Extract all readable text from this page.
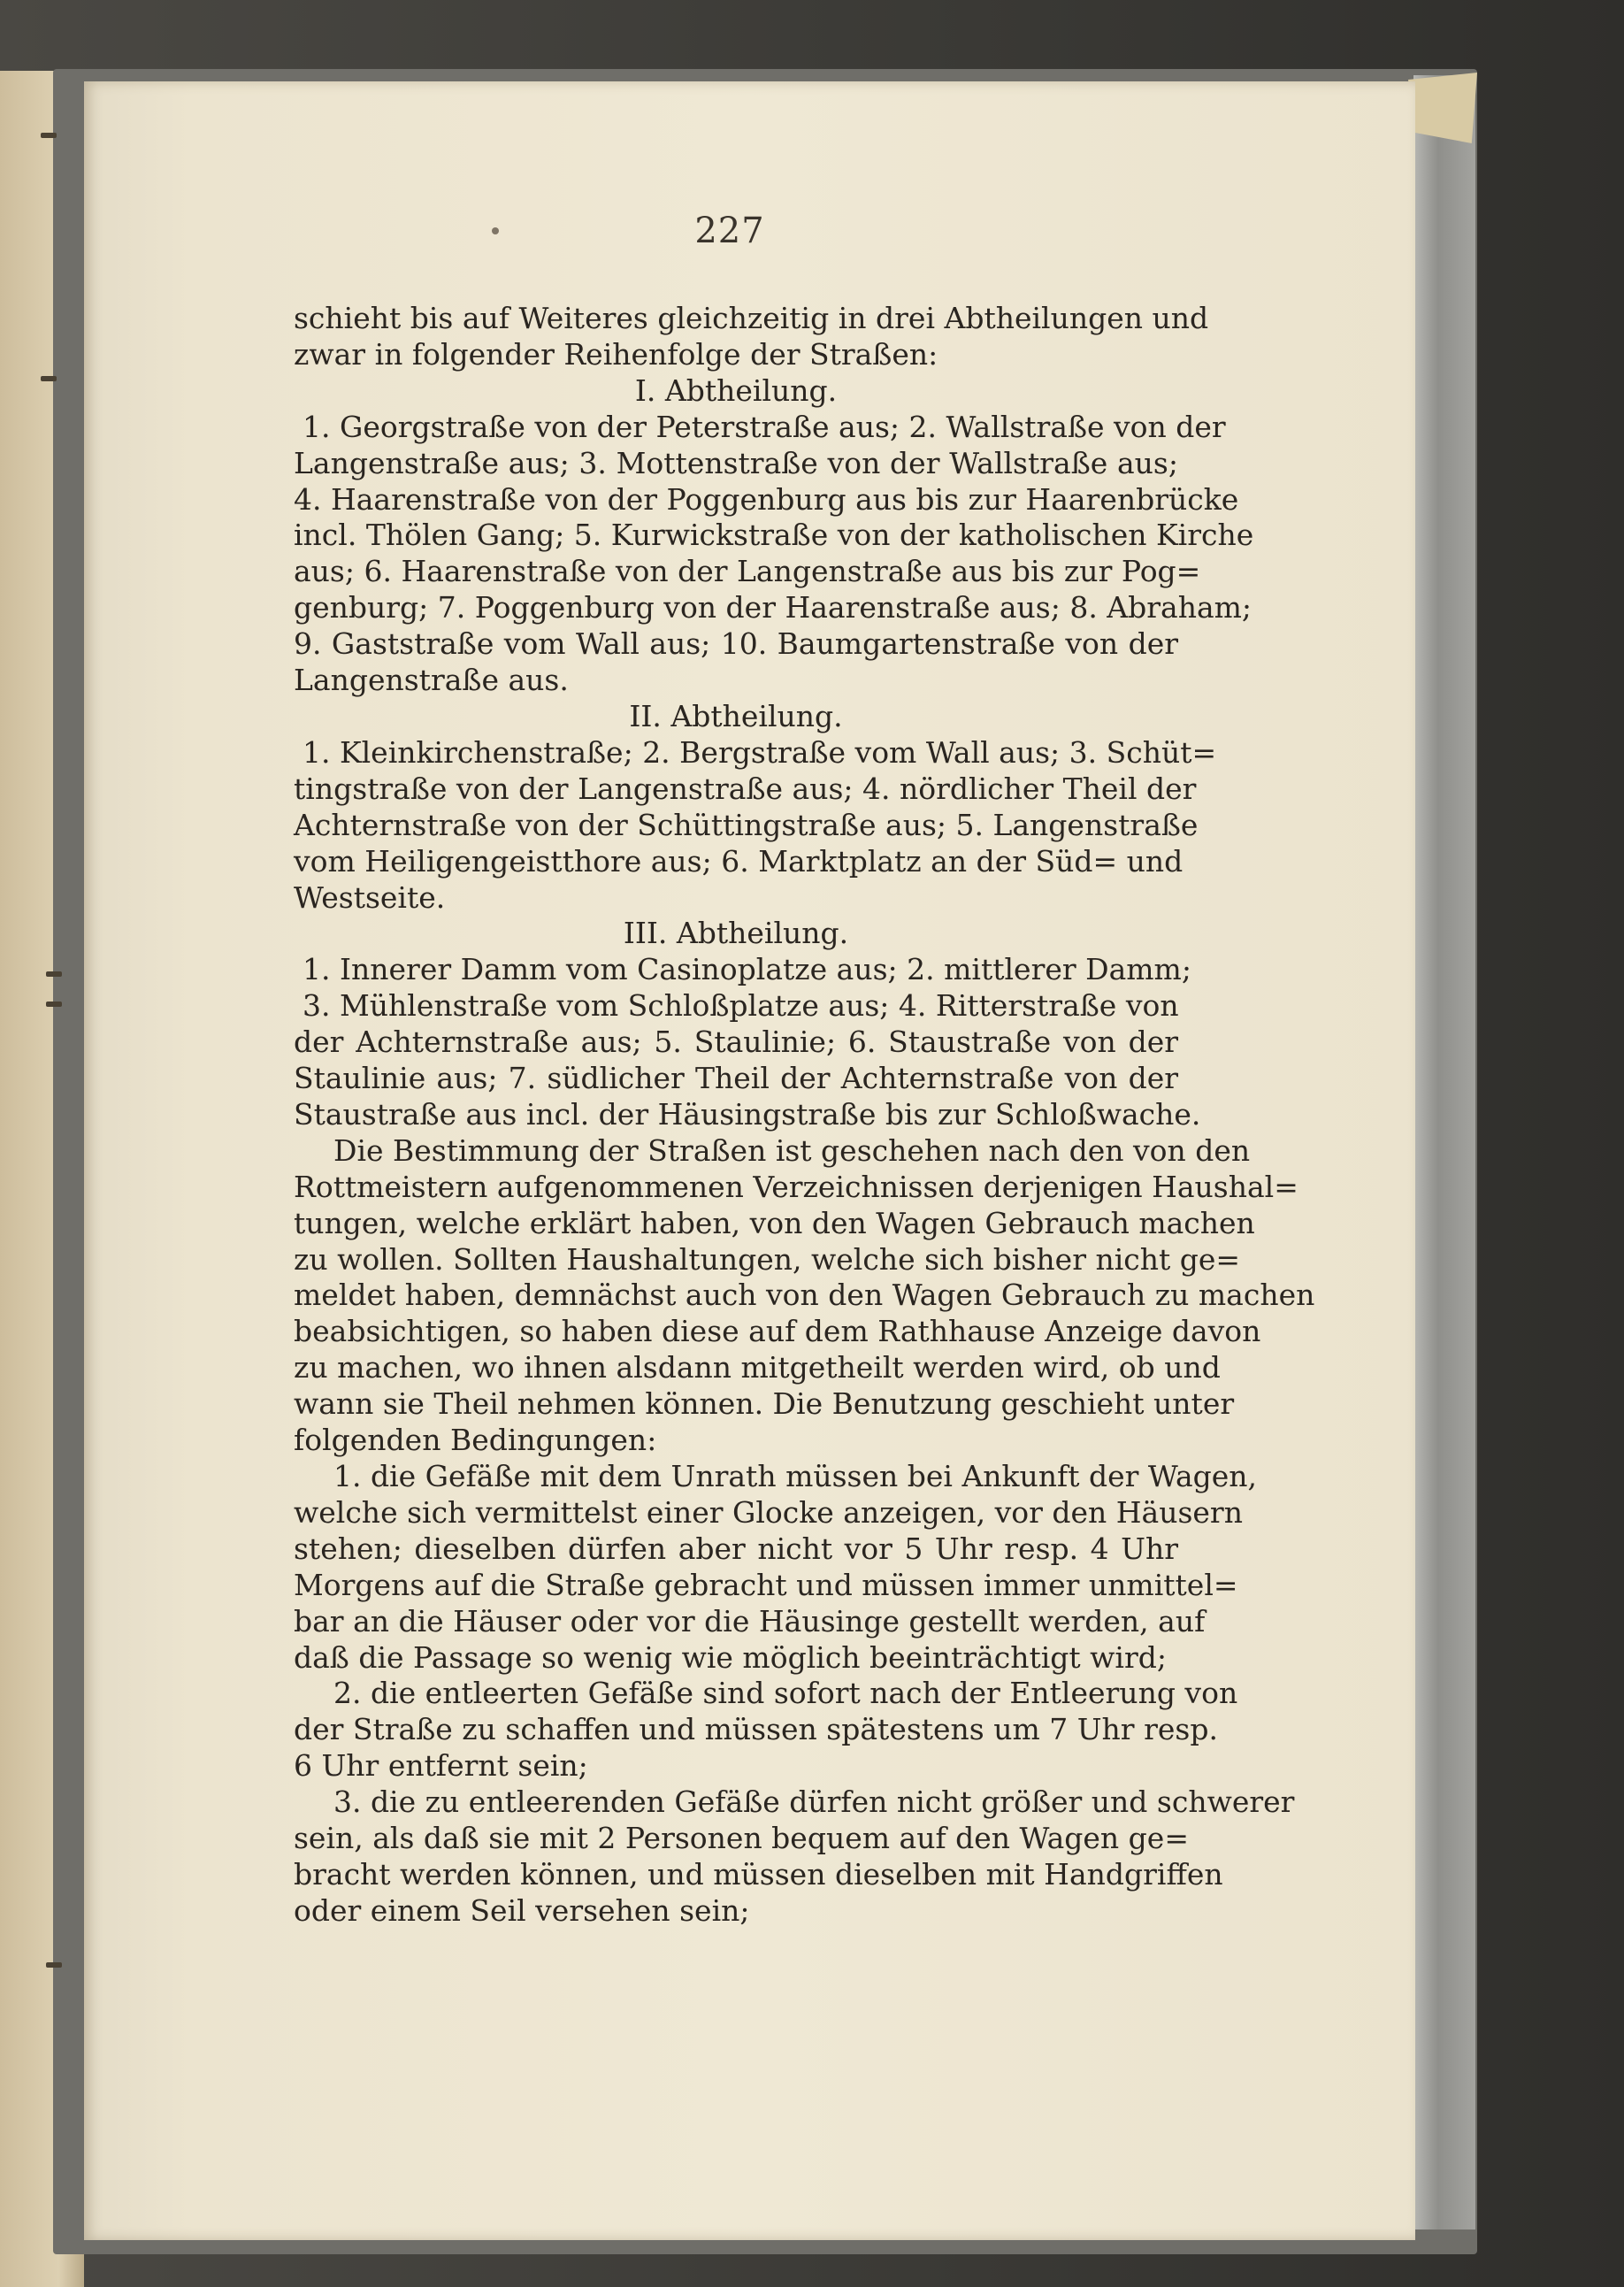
227
schieht bis auf Weiteres gleichzeitig in drei Abtheilungen und
zwar in folgender Reihenfolge der Straßen:
I. Abtheilung.
1. Georgstraße von der Peterstraße aus; 2. Wallstraße von der
Langenstraße aus; 3. Mottenstraße von der Wallstraße aus;
4. Haarenstraße von der Poggenburg aus bis zur Haarenbrücke
incl. Thölen Gang; 5. Kurwickstraße von der katholischen Kirche
aus; 6. Haarenstraße von der Langenstraße aus bis zur Pog=
genburg; 7. Poggenburg von der Haarenstraße aus; 8. Abraham;
9. Gaststraße vom Wall aus; 10. Baumgartenstraße von der
Langenstraße aus.
II. Abtheilung.
1. Kleinkirchenstraße; 2. Bergstraße vom Wall aus; 3. Schüt=
tingstraße von der Langenstraße aus; 4. nördlicher Theil der
Achternstraße von der Schüttingstraße aus; 5. Langenstraße
vom Heiligengeistthore aus; 6. Marktplatz an der Süd= und
Westseite.
III. Abtheilung.
1. Innerer Damm vom Casinoplatze aus; 2. mittlerer Damm;
3. Mühlenstraße vom Schloßplatze aus; 4. Ritterstraße von
der Achternstraße aus; 5. Staulinie; 6. Staustraße von der
Staulinie aus; 7. südlicher Theil der Achternstraße von der
Staustraße aus incl. der Häusingstraße bis zur Schloßwache.
Die Bestimmung der Straßen ist geschehen nach den von den
Rottmeistern aufgenommenen Verzeichnissen derjenigen Haushal=
tungen, welche erklärt haben, von den Wagen Gebrauch machen
zu wollen. Sollten Haushaltungen, welche sich bisher nicht ge=
meldet haben, demnächst auch von den Wagen Gebrauch zu machen
beabsichtigen, so haben diese auf dem Rathhause Anzeige davon
zu machen, wo ihnen alsdann mitgetheilt werden wird, ob und
wann sie Theil nehmen können. Die Benutzung geschieht unter
folgenden Bedingungen:
1. die Gefäße mit dem Unrath müssen bei Ankunft der Wagen,
welche sich vermittelst einer Glocke anzeigen, vor den Häusern
stehen; dieselben dürfen aber nicht vor 5 Uhr resp. 4 Uhr
Morgens auf die Straße gebracht und müssen immer unmittel=
bar an die Häuser oder vor die Häusinge gestellt werden, auf
daß die Passage so wenig wie möglich beeinträchtigt wird;
2. die entleerten Gefäße sind sofort nach der Entleerung von
der Straße zu schaffen und müssen spätestens um 7 Uhr resp.
6 Uhr entfernt sein;
3. die zu entleerenden Gefäße dürfen nicht größer und schwerer
sein, als daß sie mit 2 Personen bequem auf den Wagen ge=
bracht werden können, und müssen dieselben mit Handgriffen
oder einem Seil versehen sein;
